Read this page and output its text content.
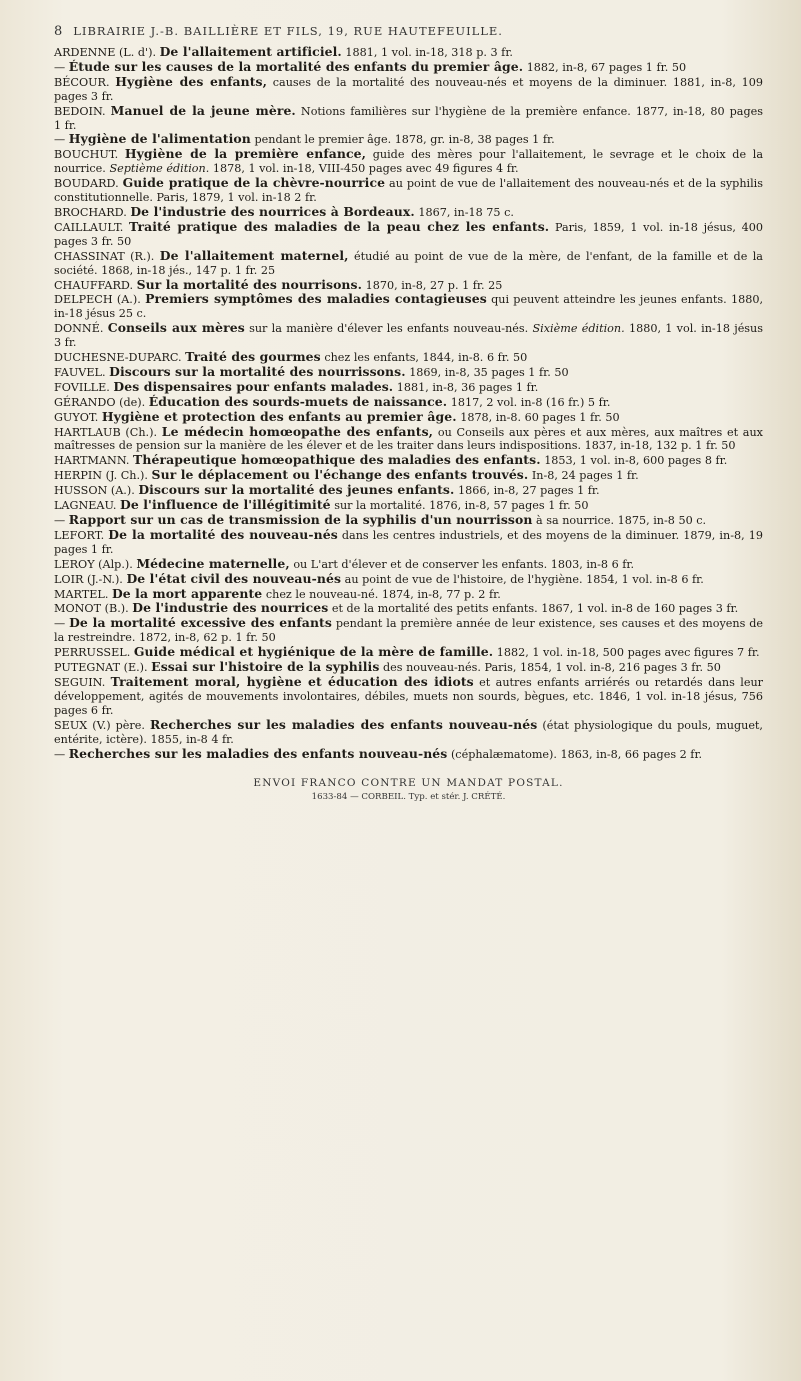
8 LIBRAIRIE J.-B. BAILLIÈRE ET FILS, 19, RUE HAUTEFEUILLE.

ARDENNE (L. d'). De l'allaitement artificiel. 1881, 1 vol. in-18, 318 p. 3 fr.

— Étude sur les causes de la mortalité des enfants du premier âge. 1882, in-8, 67 pages 1 fr. 50

BÉCOUR. Hygiène des enfants, causes de la mortalité des nouveau-nés et moyens de la diminuer. 1881, in-8, 109 pages 3 fr.

BEDOIN. Manuel de la jeune mère. Notions familières sur l'hygiène de la première enfance. 1877, in-18, 80 pages 1 fr.

— Hygiène de l'alimentation pendant le premier âge. 1878, gr. in-8, 38 pages 1 fr.

BOUCHUT. Hygiène de la première enfance, guide des mères pour l'allaitement, le sevrage et le choix de la nourrice. Septième édition. 1878, 1 vol. in-18, VIII-450 pages avec 49 figures 4 fr.

BOUDARD. Guide pratique de la chèvre-nourrice au point de vue de l'allaitement des nouveau-nés et de la syphilis constitutionnelle. Paris, 1879, 1 vol. in-18 2 fr.

BROCHARD. De l'industrie des nourrices à Bordeaux. 1867, in-18 75 c.

CAILLAULT. Traité pratique des maladies de la peau chez les enfants. Paris, 1859, 1 vol. in-18 jésus, 400 pages 3 fr. 50

CHASSINAT (R.). De l'allaitement maternel, étudié au point de vue de la mère, de l'enfant, de la famille et de la société. 1868, in-18 jés., 147 p. 1 fr. 25

CHAUFFARD. Sur la mortalité des nourrisons. 1870, in-8, 27 p. 1 fr. 25

DELPECH (A.). Premiers symptômes des maladies contagieuses qui peuvent atteindre les jeunes enfants. 1880, in-18 jésus 25 c.

DONNÉ. Conseils aux mères sur la manière d'élever les enfants nouveau-nés. Sixième édition. 1880, 1 vol. in-18 jésus 3 fr.

DUCHESNE-DUPARC. Traité des gourmes chez les enfants, 1844, in-8. 6 fr. 50

FAUVEL. Discours sur la mortalité des nourrissons. 1869, in-8, 35 pages 1 fr. 50

FOVILLE. Des dispensaires pour enfants malades. 1881, in-8, 36 pages 1 fr.

GÉRANDO (de). Éducation des sourds-muets de naissance. 1817, 2 vol. in-8 (16 fr.) 5 fr.

GUYOT. Hygiène et protection des enfants au premier âge. 1878, in-8. 60 pages 1 fr. 50

HARTLAUB (Ch.). Le médecin homœopathe des enfants, ou Conseils aux pères et aux mères, aux maîtres et aux maîtresses de pension sur la manière de les élever et de les traiter dans leurs indispositions. 1837, in-18, 132 p. 1 fr. 50

HARTMANN. Thérapeutique homœopathique des maladies des enfants. 1853, 1 vol. in-8, 600 pages 8 fr.

HERPIN (J. Ch.). Sur le déplacement ou l'échange des enfants trouvés. In-8, 24 pages 1 fr.

HUSSON (A.). Discours sur la mortalité des jeunes enfants. 1866, in-8, 27 pages 1 fr.

LAGNEAU. De l'influence de l'illégitimité sur la mortalité. 1876, in-8, 57 pages 1 fr. 50

— Rapport sur un cas de transmission de la syphilis d'un nourrisson à sa nourrice. 1875, in-8 50 c.

LEFORT. De la mortalité des nouveau-nés dans les centres industriels, et des moyens de la diminuer. 1879, in-8, 19 pages 1 fr.

LEROY (Alp.). Médecine maternelle, ou L'art d'élever et de conserver les enfants. 1803, in-8 6 fr.

LOIR (J.-N.). De l'état civil des nouveau-nés au point de vue de l'histoire, de l'hygiène. 1854, 1 vol. in-8 6 fr.

MARTEL. De la mort apparente chez le nouveau-né. 1874, in-8, 77 p. 2 fr.

MONOT (B.). De l'industrie des nourrices et de la mortalité des petits enfants. 1867, 1 vol. in-8 de 160 pages 3 fr.

— De la mortalité excessive des enfants pendant la première année de leur existence, ses causes et des moyens de la restreindre. 1872, in-8, 62 p. 1 fr. 50

PERRUSSEL. Guide médical et hygiénique de la mère de famille. 1882, 1 vol. in-18, 500 pages avec figures 7 fr.

PUTEGNAT (E.). Essai sur l'histoire de la syphilis des nouveau-nés. Paris, 1854, 1 vol. in-8, 216 pages 3 fr. 50

SEGUIN. Traitement moral, hygiène et éducation des idiots et autres enfants arriérés ou retardés dans leur développement, agités de mouvements involontaires, débiles, muets non sourds, bègues, etc. 1846, 1 vol. in-18 jésus, 756 pages 6 fr.

SEUX (V.) père. Recherches sur les maladies des enfants nouveau-nés (état physiologique du pouls, muguet, entérite, ictère). 1855, in-8 4 fr.

— Recherches sur les maladies des enfants nouveau-nés (céphalæmatome). 1863, in-8, 66 pages 2 fr.

ENVOI FRANCO CONTRE UN MANDAT POSTAL.
1633-84 — CORBEIL. Typ. et stér. J. CRÉTÉ.
